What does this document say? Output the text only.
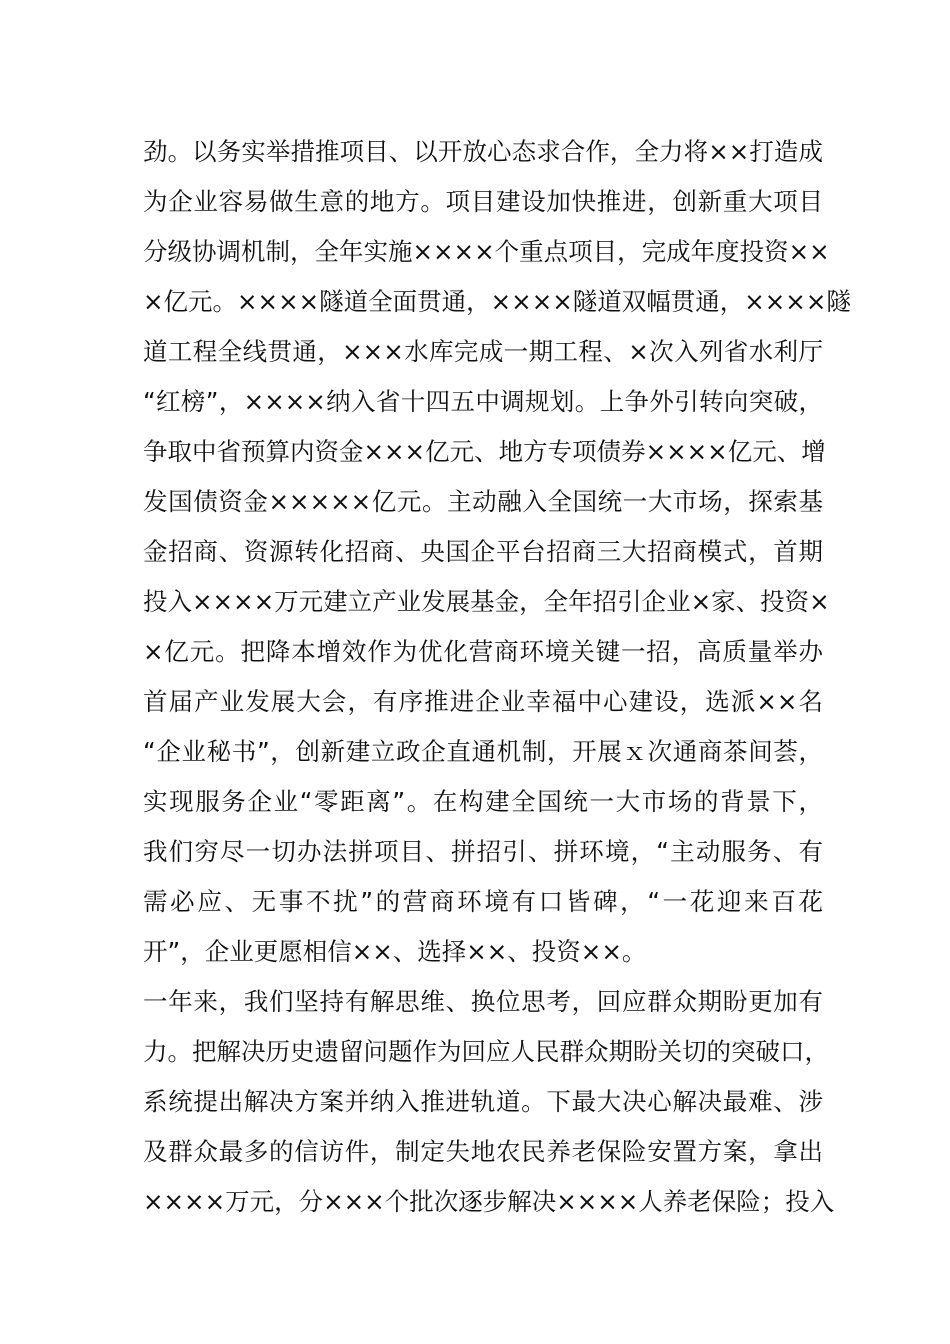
劲。以务实举措推项目、以开放心态求合作，全力将××打造成
为企业容易做生意的地方。项目建设加快推进，创新重大项目
分级协调机制，全年实施××××个重点项目，完成年度投资××
×亿元。××××隧道全面贯通，××××隧道双幅贯通，××××隧
道工程全线贯通，×××水库完成一期工程、×次入列省水利厅
“红榜”，××××纳入省十四五中调规划。上争外引转向突破，
争取中省预算内资金×××亿元、地方专项债券××××亿元、增
发国债资金×××××亿元。主动融入全国统一大市场，探索基
金招商、资源转化招商、央国企平台招商三大招商模式，首期
投入××××万元建立产业发展基金，全年招引企业×家、投资×
×亿元。把降本增效作为优化营商环境关键一招，高质量举办
首届产业发展大会，有序推进企业幸福中心建设，选派××名
“企业秘书”，创新建立政企直通机制，开展ｘ次通商茶间荟，
实现服务企业“零距离”。在构建全国统一大市场的背景下，
我们穷尽一切办法拼项目、拼招引、拼环境，“主动服务、有
需必应、无事不扰”的营商环境有口皆碑，“一花迎来百花
开”，企业更愿相信××、选择××、投资××。
一年来，我们坚持有解思维、换位思考，回应群众期盼更加有
力。把解决历史遗留问题作为回应人民群众期盼关切的突破口，
系统提出解决方案并纳入推进轨道。下最大决心解决最难、涉
及群众最多的信访件，制定失地农民养老保险安置方案，拿出
××××万元，分×××个批次逐步解决××××人养老保险；投入
